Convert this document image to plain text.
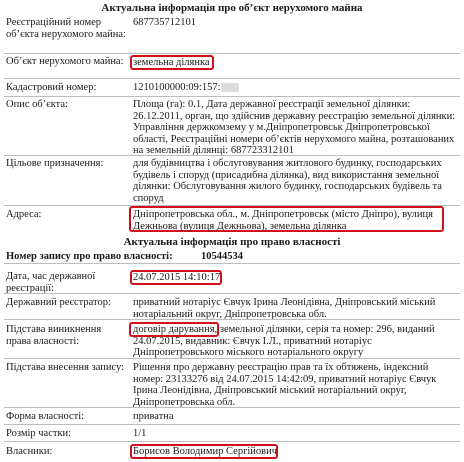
Актуальна інформація про об’єкт нерухомого майна
Реєстраційний номер об’єкта нерухомого майна:
687735712101
Об’єкт нерухомого майна: земельна ділянка
Кадастровий номер:	1210100000:09:157:
Опис об’єкта:	Площа (га): 0.1, Дата державної реєстрації земельної ділянки: 26.12.2011, орган, що здійснив державну реєстрацію земельної ділянки: Управління держкомзему у м.Дніпропетровськ Дніпропетровської області, Реєстраційні номери об’єктів нерухомого майна, розташованих на земельній ділянці: 687723312101
Цільове призначення:	для будівництва і обслуговування житлового будинку, господарських будівель і споруд (присадибна ділянка), вид використання земельної ділянки: Обслуговування жилого будинку, господарських будівель та споруд
Адреса:	Дніпропетровська обл., м. Дніпропетровськ (місто Дніпро), вулиця Дежньова (вулиця Дежньова), земельна ділянка
Актуальна інформація про право власності
Номер запису про право власності:	10544534
Дата, час державної реєстрації:
24.07.2015 14:10:17
Державний реєстратор:	приватний нотаріус Євчук Ірина Леонідівна, Дніпровський міський нотаріальний округ, Дніпропетровська обл.
Підстава виникнення права власності:
договір дарування, земельної ділянки, серія та номер: 296, виданий 24.07.2015, видавник: Євчук І.Л., приватний нотаріус Дніпропетровського міського нотаріального округу
Підстава внесення запису: Рішення про державну реєстрацію прав та їх обтяжень, індексний номер: 23133276 від 24.07.2015 14:42:09, приватний нотаріус Євчук Ірина Леонідівна, Дніпровський міський нотаріальний округ, Дніпропетровська обл.
Форма власності:	приватна
Розмір частки:	1/1
Власники:	Борисов Володимир Сергійович
